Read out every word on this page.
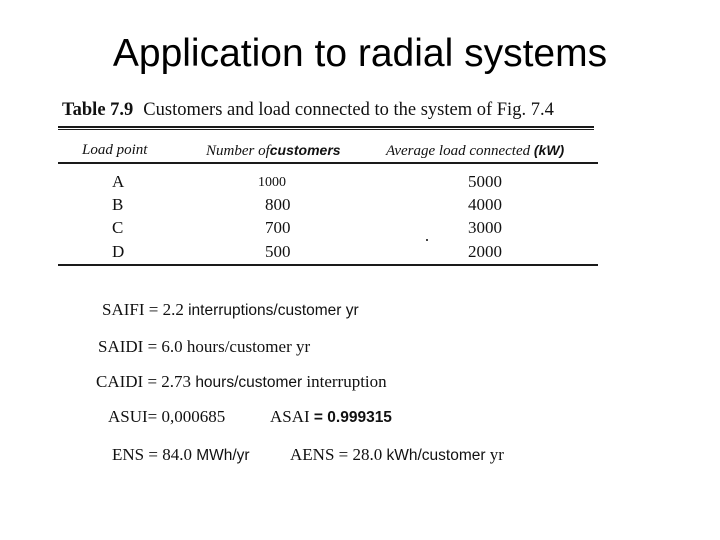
Application to radial systems
Table 7.9 Customers and load connected to the system of Fig. 7.4
Load point	Number ofcustomers	Average load connected (kW)
A	1000	5000
B	800	4000
C	700	3000
D	500	2000
SAIFI = 2.2 interruptions/customer yr
SAIDI = 6.0 hours/customer yr
CAIDI = 2.73 hours/customer interruption
ASUI= 0,000685	ASAI = 0.999315
ENS = 84.0 MWh/yr AENS = 28.0 kWh/customer yr
